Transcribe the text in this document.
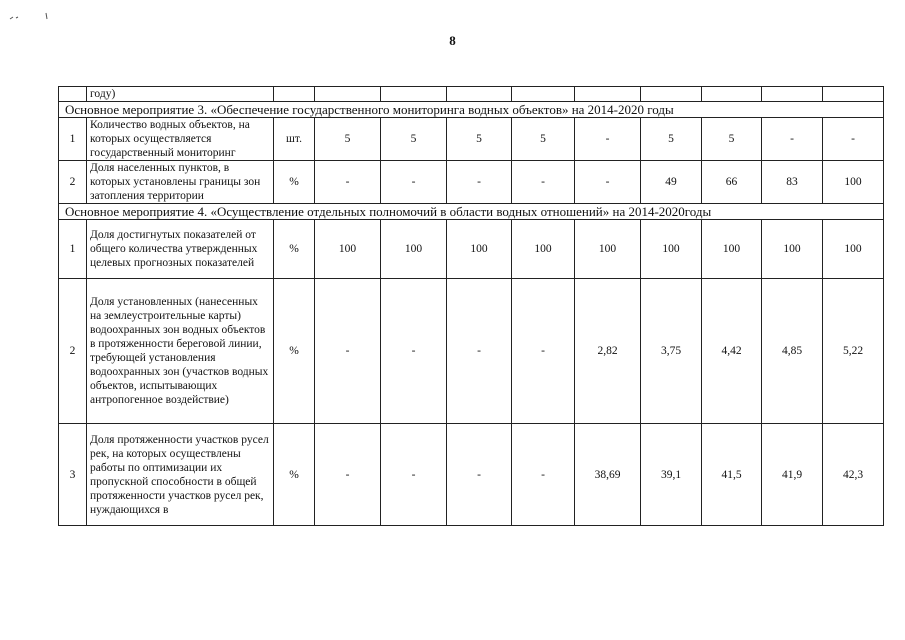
8
	году)										
Основное мероприятие 3. «Обеспечение государственного мониторинга водных объектов» на 2014-2020 годы											
1	Количество водных объектов, на которых осуществляется государственный мониторинг	шт.	5	5	5	5	-	5	5	-	-
2	Доля населенных пунктов, в которых установлены границы зон затопления территории	%	-	-	-	-	-	49	66	83	100
Основное мероприятие 4. «Осуществление отдельных полномочий в области водных отношений» на 2014-2020годы											
1	Доля достигнутых показателей от общего количества утвержденных целевых прогнозных показателей	%	100	100	100	100	100	100	100	100	100
2	Доля установленных (нанесенных на землеустроительные карты) водоохранных зон водных объектов в протяженности береговой линии, требующей установления водоохранных зон (участков водных объектов, испытывающих антропогенное воздействие)	%	-	-	-	-	2,82	3,75	4,42	4,85	5,22
3	Доля протяженности участков русел рек, на которых осуществлены работы по оптимизации их пропускной способности в общей протяженности участков русел рек, нуждающихся в	%	-	-	-	-	38,69	39,1	41,5	41,9	42,3
